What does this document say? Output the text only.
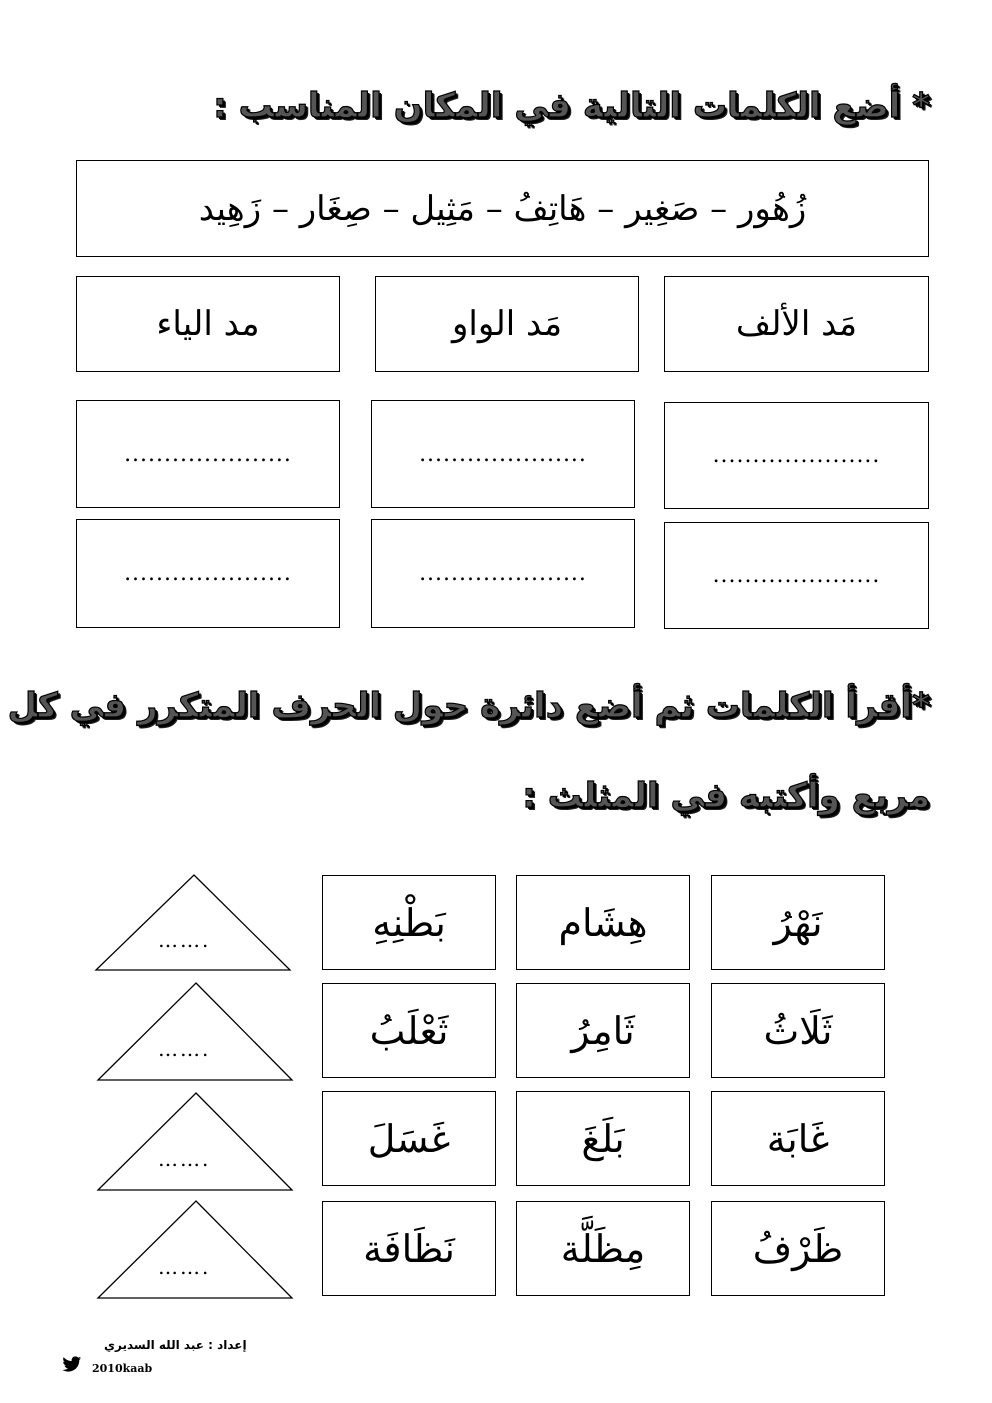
* أضع الكلمات التالية في المكان المناسب :
زُهُور – صَغِير – هَاتِفُ – مَثِيل – صِغَار – زَهِيد
مَد الألف
مَد الواو
مد الياء
.....................
.....................
.....................
.....................
.....................
.....................
*أقرأ الكلمات ثم أضع دائرة حول الحرف المتكرر في كل
مربع وأكتبه في المثلث :
نَهْرُ
هِشَام
بَطْنِهِ
ثَلَاثُ
ثَامِرُ
ثَعْلَبُ
غَابَة
بَلَغَ
غَسَلَ
ظَرْفُ
مِظَلَّة
نَظَافَة
…….
…….
…….
…….
إعداد : عبد الله السديري
2010kaab
